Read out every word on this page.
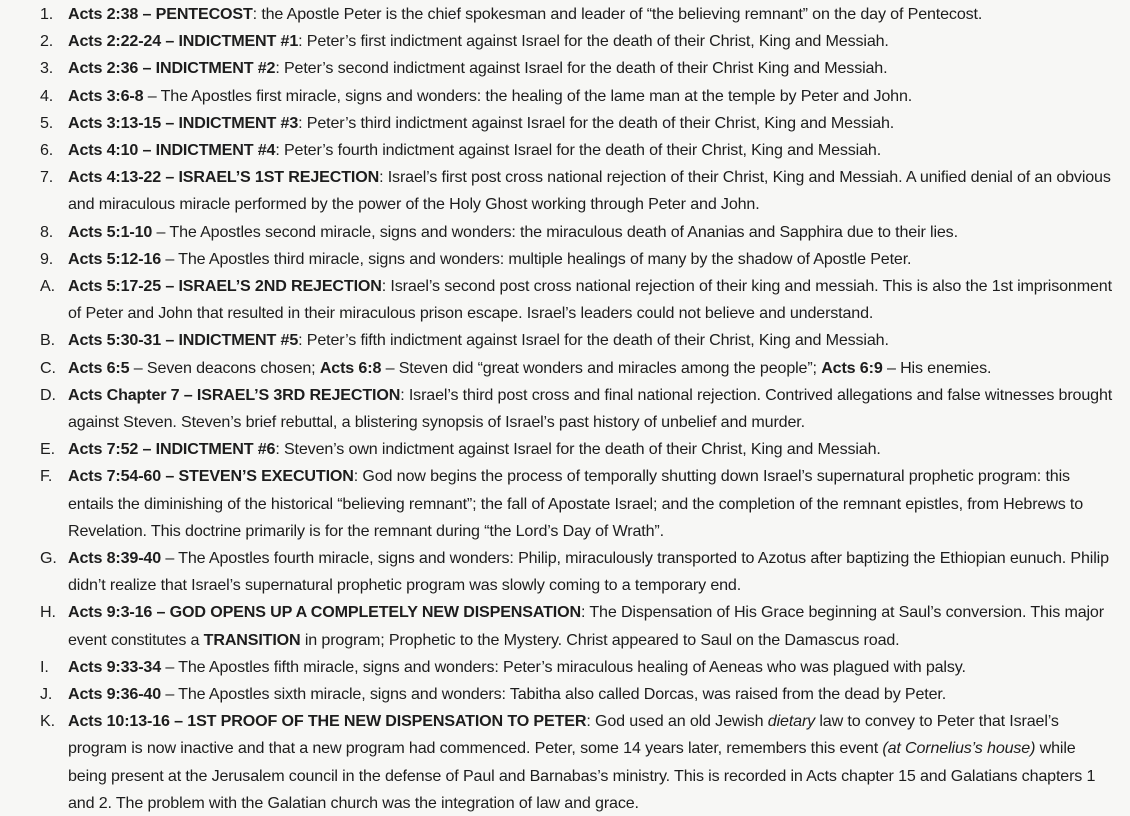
1. Acts 2:38 – PENTECOST: the Apostle Peter is the chief spokesman and leader of “the believing remnant” on the day of Pentecost.
2. Acts 2:22-24 – INDICTMENT #1: Peter’s first indictment against Israel for the death of their Christ, King and Messiah.
3. Acts 2:36 – INDICTMENT #2: Peter’s second indictment against Israel for the death of their Christ King and Messiah.
4. Acts 3:6-8 – The Apostles first miracle, signs and wonders: the healing of the lame man at the temple by Peter and John.
5. Acts 3:13-15 – INDICTMENT #3: Peter’s third indictment against Israel for the death of their Christ, King and Messiah.
6. Acts 4:10 – INDICTMENT #4: Peter’s fourth indictment against Israel for the death of their Christ, King and Messiah.
7. Acts 4:13-22 – ISRAEL’S 1ST REJECTION: Israel’s first post cross national rejection of their Christ, King and Messiah. A unified denial of an obvious and miraculous miracle performed by the power of the Holy Ghost working through Peter and John.
8. Acts 5:1-10 – The Apostles second miracle, signs and wonders: the miraculous death of Ananias and Sapphira due to their lies.
9. Acts 5:12-16 – The Apostles third miracle, signs and wonders: multiple healings of many by the shadow of Apostle Peter.
A. Acts 5:17-25 – ISRAEL’S 2ND REJECTION: Israel’s second post cross national rejection of their king and messiah. This is also the 1st imprisonment of Peter and John that resulted in their miraculous prison escape. Israel’s leaders could not believe and understand.
B. Acts 5:30-31 – INDICTMENT #5: Peter’s fifth indictment against Israel for the death of their Christ, King and Messiah.
C. Acts 6:5 – Seven deacons chosen; Acts 6:8 – Steven did “great wonders and miracles among the people”; Acts 6:9 – His enemies.
D. Acts Chapter 7 – ISRAEL’S 3RD REJECTION: Israel’s third post cross and final national rejection. Contrived allegations and false witnesses brought against Steven. Steven’s brief rebuttal, a blistering synopsis of Israel’s past history of unbelief and murder.
E. Acts 7:52 – INDICTMENT #6: Steven’s own indictment against Israel for the death of their Christ, King and Messiah.
F. Acts 7:54-60 – STEVEN’S EXECUTION: God now begins the process of temporally shutting down Israel’s supernatural prophetic program: this entails the diminishing of the historical “believing remnant”; the fall of Apostate Israel; and the completion of the remnant epistles, from Hebrews to Revelation. This doctrine primarily is for the remnant during “the Lord’s Day of Wrath”.
G. Acts 8:39-40 – The Apostles fourth miracle, signs and wonders: Philip, miraculously transported to Azotus after baptizing the Ethiopian eunuch. Philip didn’t realize that Israel’s supernatural prophetic program was slowly coming to a temporary end.
H. Acts 9:3-16 – GOD OPENS UP A COMPLETELY NEW DISPENSATION: The Dispensation of His Grace beginning at Saul’s conversion. This major event constitutes a TRANSITION in program; Prophetic to the Mystery. Christ appeared to Saul on the Damascus road.
I.	Acts 9:33-34 – The Apostles fifth miracle, signs and wonders: Peter’s miraculous healing of Aeneas who was plagued with palsy.
J. Acts 9:36-40 – The Apostles sixth miracle, signs and wonders: Tabitha also called Dorcas, was raised from the dead by Peter.
K. Acts 10:13-16 – 1ST PROOF OF THE NEW DISPENSATION TO PETER: God used an old Jewish dietary law to convey to Peter that Israel’s program is now inactive and that a new program had commenced. Peter, some 14 years later, remembers this event (at Cornelius’s house) while being present at the Jerusalem council in the defense of Paul and Barnabas’s ministry. This is recorded in Acts chapter 15 and Galatians chapters 1 and 2. The problem with the Galatian church was the integration of law and grace.
